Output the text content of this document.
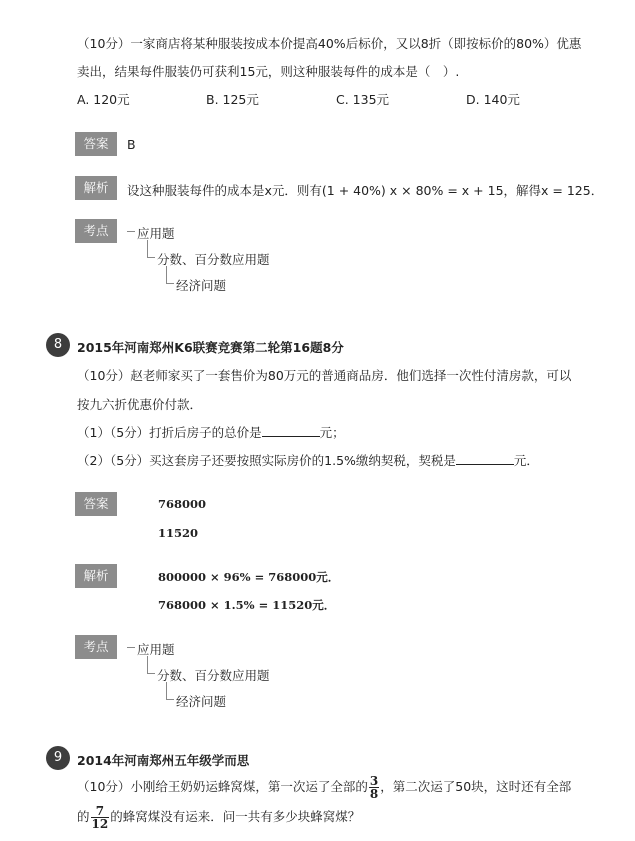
（10分）一家商店将某种服装按成本价提高40%后标价，又以8折（即按标价的80%）优惠
卖出，结果每件服装仍可获利15元，则这种服装每件的成本是（　）.
A. 120元	B. 125元	C. 135元	D. 140元
答案	B
解析	设这种服装每件的成本是x元．则有(1 + 40%) x × 80% = x + 15，解得x = 125．
考点	应用题
分数、百分数应用题
经济问题
8	2015年河南郑州K6联赛竞赛第二轮第16题8分
（10分）赵老师家买了一套售价为80万元的普通商品房．他们选择一次性付清房款，可以
按九六折优惠价付款．
（1）（5分）打折后房子的总价是	元；
（2）（5分）买这套房子还要按照实际房价的1.5%缴纳契税，契税是	元．
答案	768000
11520
解析	800000 × 96% = 768000元．
768000 × 1.5% = 11520元．
考点	应用题
分数、百分数应用题
经济问题
9	2014年河南郑州五年级学而思
（10分）小刚给王奶奶运蜂窝煤，第一次运了全部的 $\frac{3}{8}$ ，第二次运了50块，这时还有全部
的 $\frac{7}{12}$ 的蜂窝煤没有运来．问一共有多少块蜂窝煤？
